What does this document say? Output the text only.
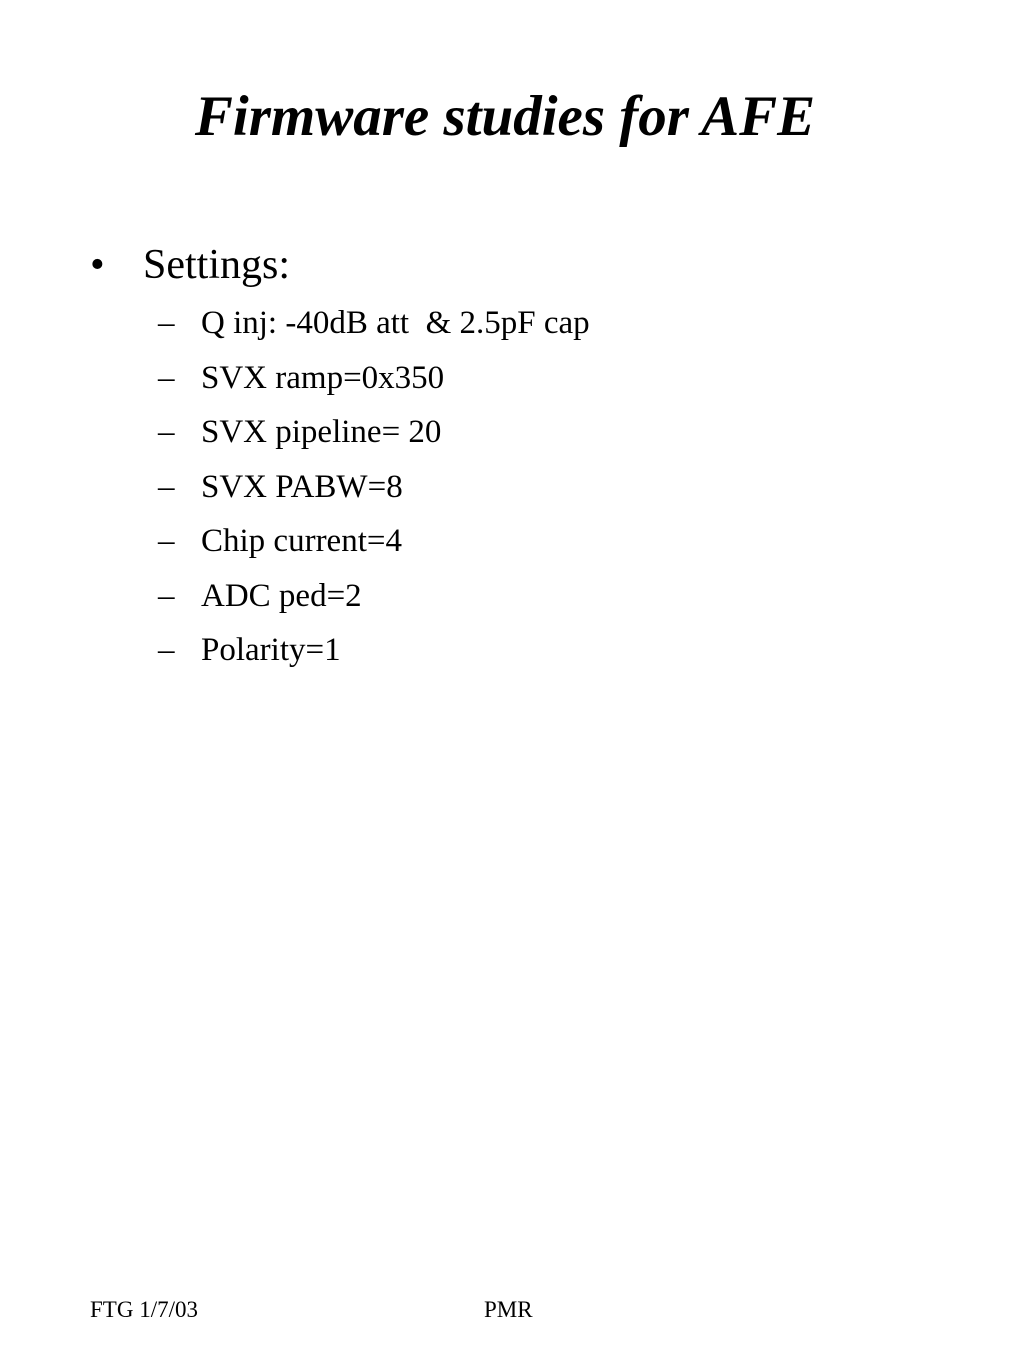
Firmware studies for AFE
• Settings:
– Q inj: -40dB att  & 2.5pF cap
– SVX ramp=0x350
– SVX pipeline= 20
– SVX PABW=8
– Chip current=4
– ADC ped=2
– Polarity=1
FTG 1/7/03	PMR
